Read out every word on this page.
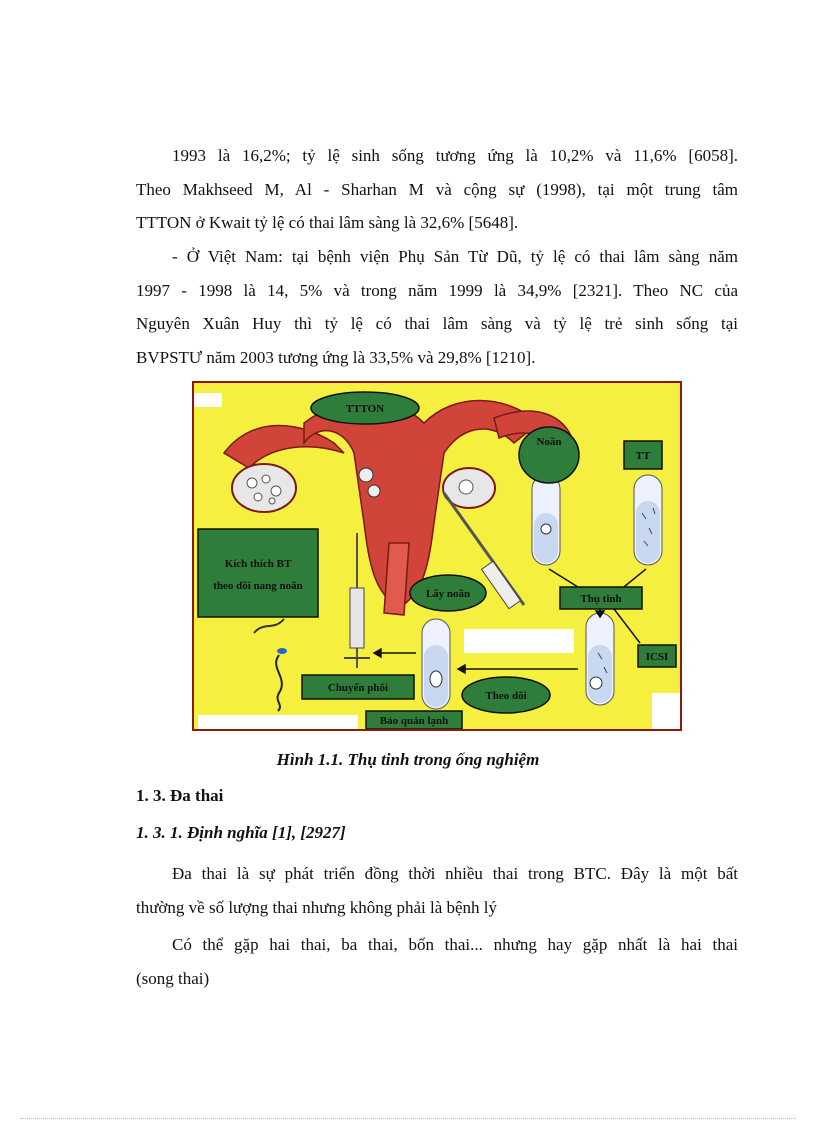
1993 là 16,2%; tỷ lệ sinh sống tương ứng là 10,2% và 11,6% [6058].
Theo Makhseed M, Al - Sharhan M và cộng sự (1998), tại một trung tâm
TTTON ở Kwait tỷ lệ có thai lâm sàng là 32,6% [5648].
- Ở Việt Nam: tại bệnh viện Phụ Sản Từ Dũ, tỷ lệ có thai lâm sàng năm
1997 - 1998 là 14, 5% và trong năm 1999 là 34,9% [2321]. Theo NC của
Nguyên Xuân Huy thì tỷ lệ có thai lâm sàng và tỷ lệ trẻ sinh sống tại
BVPSTƯ năm 2003 tương ứng là 33,5% và 29,8% [1210].
TTTON
Noãn
TT
Kích thích BT
theo dõi nang noãn
Lấy noãn	Thụ tinh
ICSI
Chuyển phôi
Theo dõi
Bảo quản lạnh
Hình 1.1. Thụ tinh trong ống nghiệm
1. 3. Đa thai
1. 3. 1. Định nghĩa [1], [2927]
Đa thai là sự phát triển đồng thời nhiều thai trong BTC. Đây là một bất
thường về số lượng thai nhưng không phải là bệnh lý
Có thể gặp hai thai, ba thai, bốn thai... nhưng hay gặp nhất là hai thai
(song thai)
